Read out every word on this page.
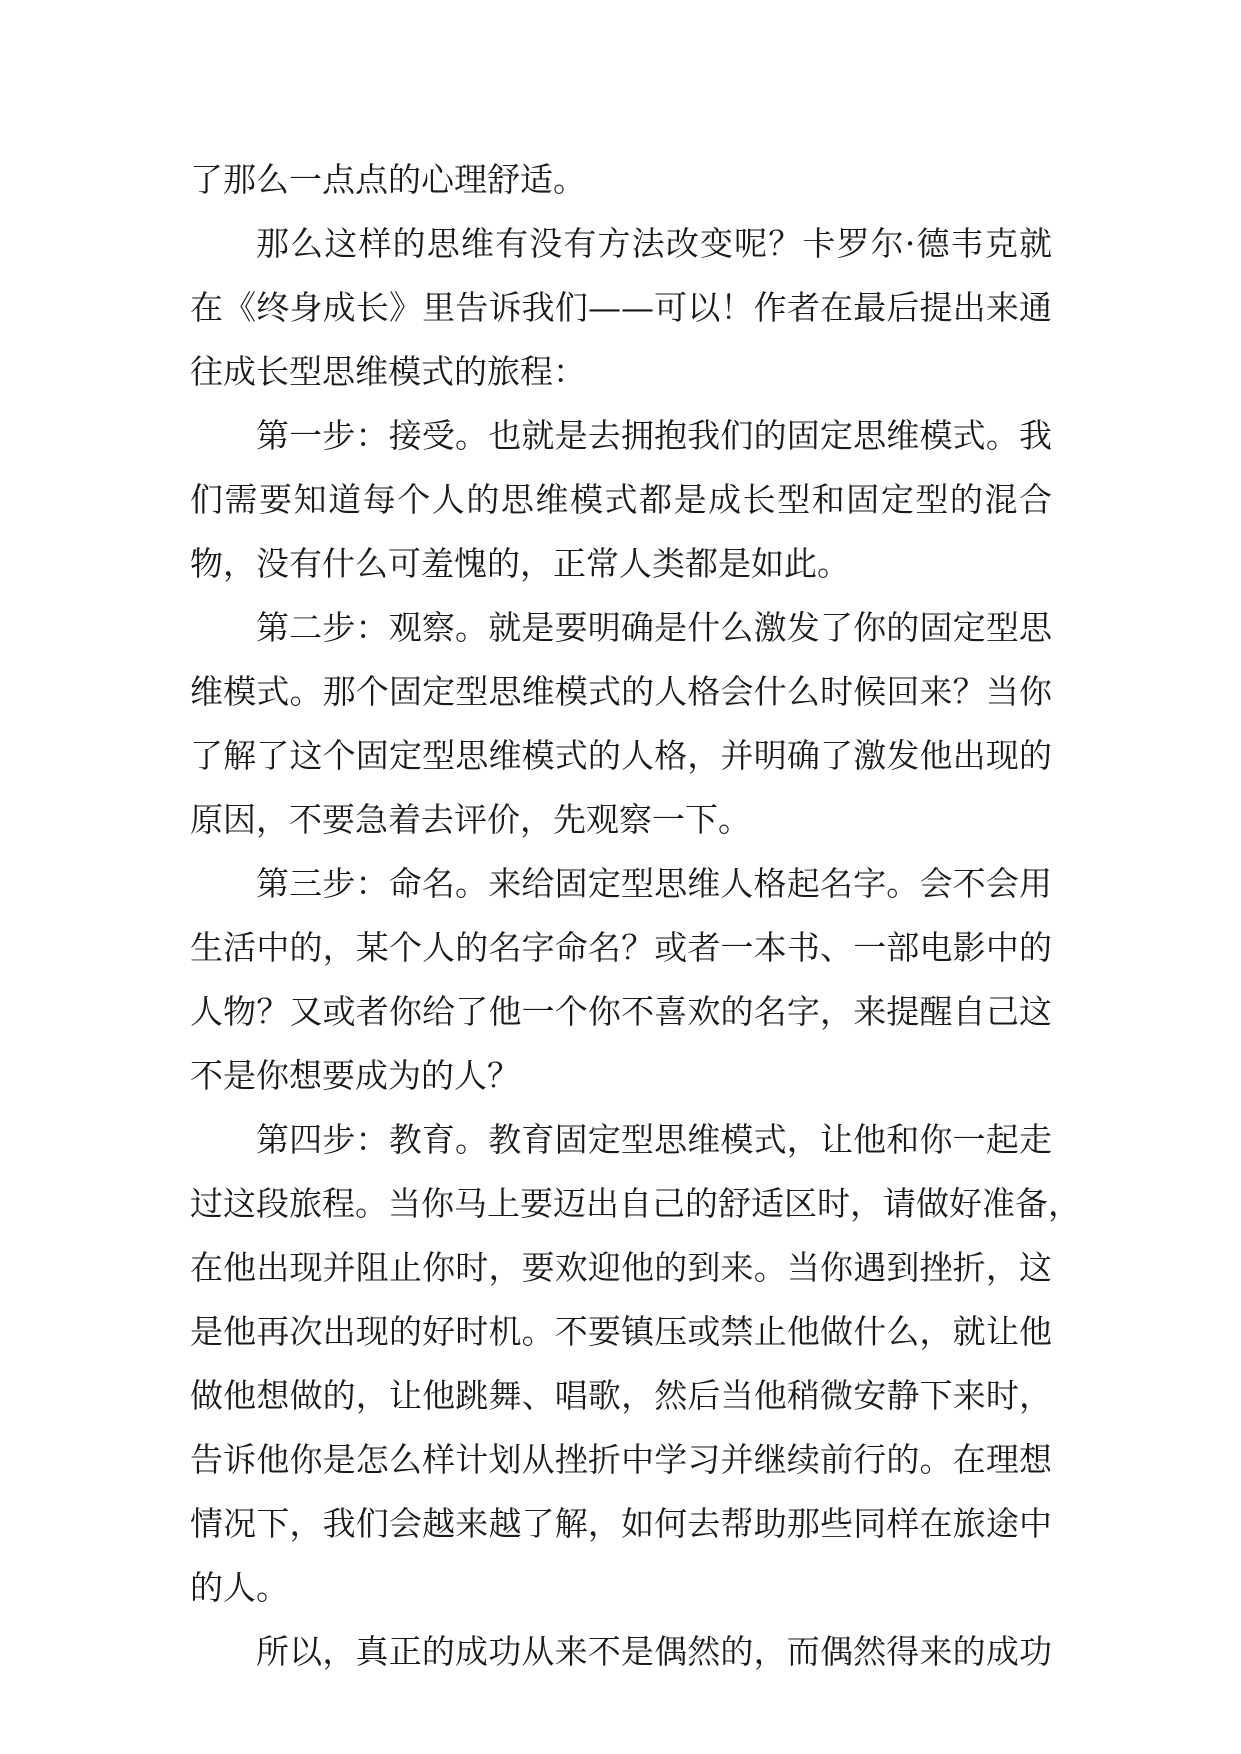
了那么一点点的心理舒适。
那么这样的思维有没有方法改变呢？卡罗尔·德韦克就
在《终身成长》里告诉我们——可以！作者在最后提出来通
往成长型思维模式的旅程：
第一步：接受。也就是去拥抱我们的固定思维模式。我
们需要知道每个人的思维模式都是成长型和固定型的混合
物，没有什么可羞愧的，正常人类都是如此。
第二步：观察。就是要明确是什么激发了你的固定型思
维模式。那个固定型思维模式的人格会什么时候回来？当你
了解了这个固定型思维模式的人格，并明确了激发他出现的
原因，不要急着去评价，先观察一下。
第三步：命名。来给固定型思维人格起名字。会不会用
生活中的，某个人的名字命名？或者一本书、一部电影中的
人物？又或者你给了他一个你不喜欢的名字，来提醒自己这
不是你想要成为的人？
第四步：教育。教育固定型思维模式，让他和你一起走
过这段旅程。当你马上要迈出自己的舒适区时，请做好准备，
在他出现并阻止你时，要欢迎他的到来。当你遇到挫折，这
是他再次出现的好时机。不要镇压或禁止他做什么，就让他
做他想做的，让他跳舞、唱歌，然后当他稍微安静下来时，
告诉他你是怎么样计划从挫折中学习并继续前行的。在理想
情况下，我们会越来越了解，如何去帮助那些同样在旅途中
的人。
所以，真正的成功从来不是偶然的，而偶然得来的成功
